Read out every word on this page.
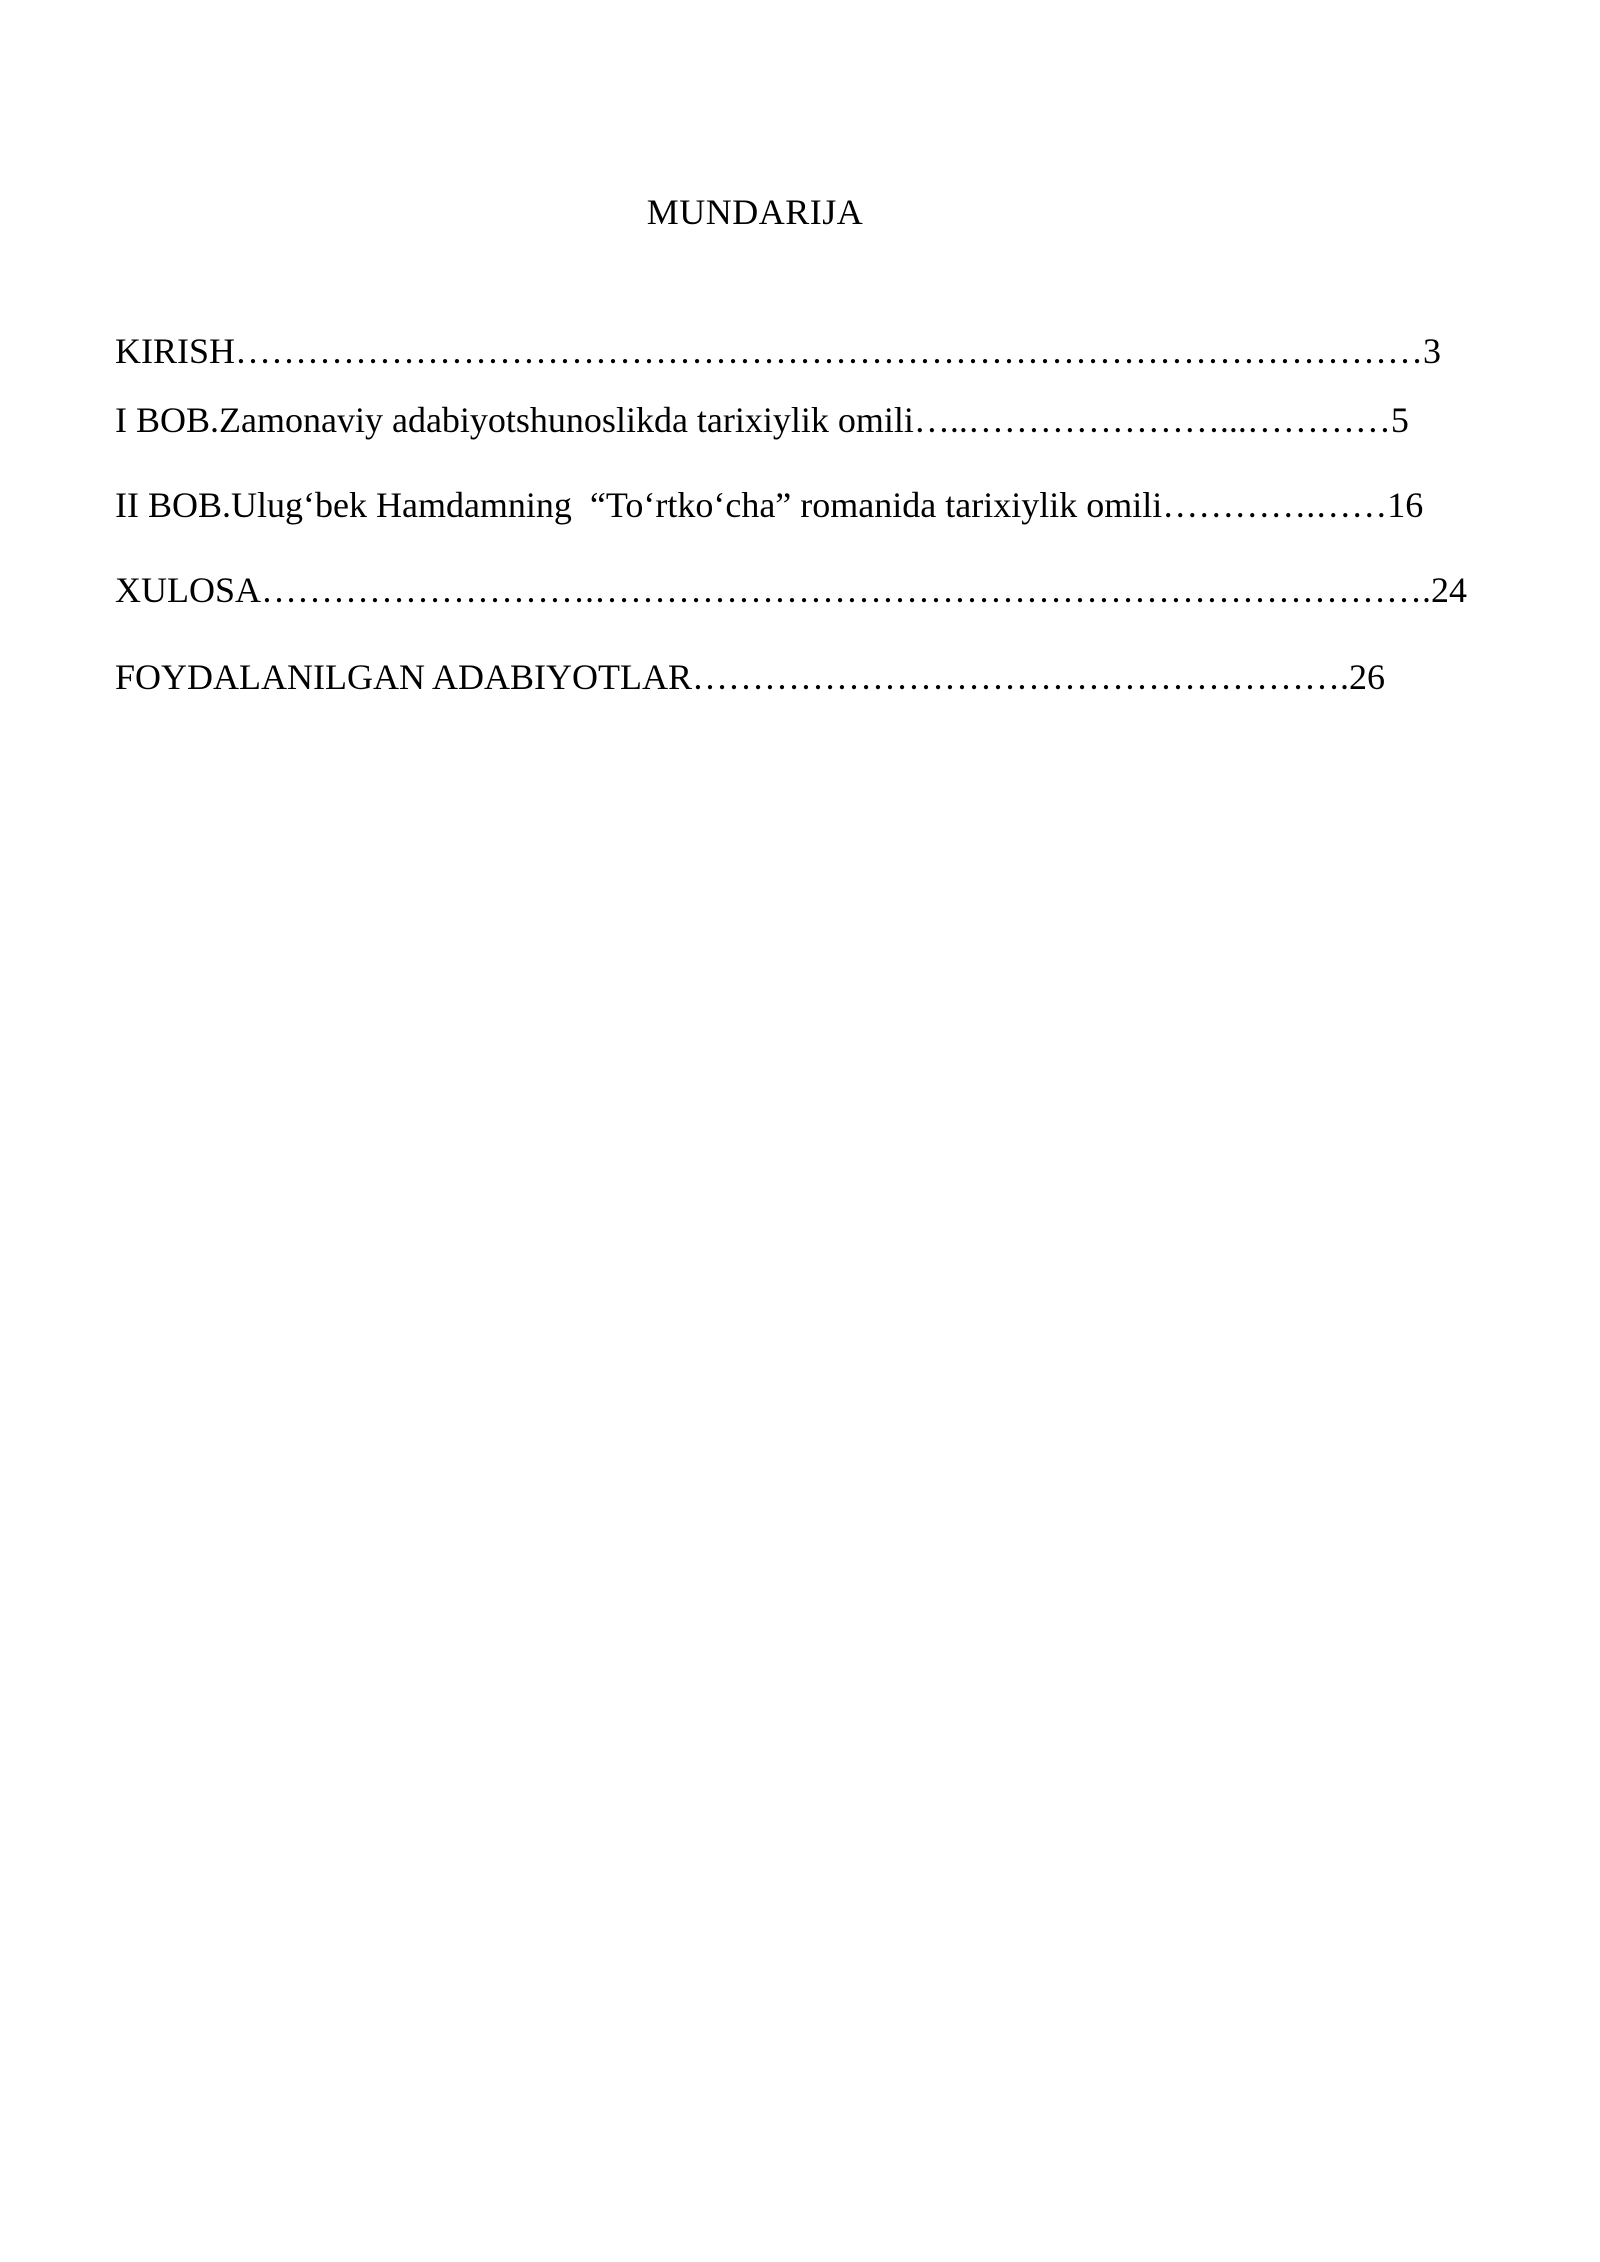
MUNDARIJA
KIRISH………………………………………………………………………………………3
I BOB.Zamonaviy adabiyotshunoslikda tarixiylik omili…..…………………...…………5
II BOB.Ulug‘bek Hamdamning  “To‘rtko‘cha” romanida tarixiylik omili………….……16
XULOSA……………………….…………………………………………………………….24
FOYDALANILGAN ADABIYOTLAR……………………………………………….26
